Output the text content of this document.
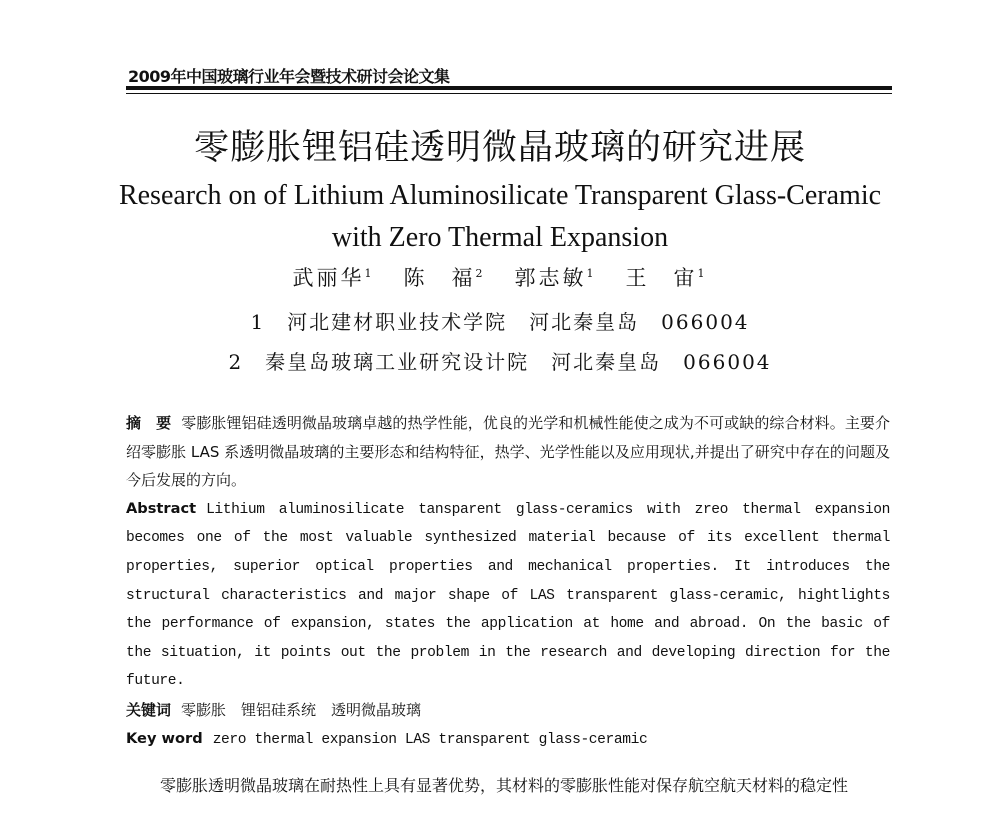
2009年中国玻璃行业年会暨技术研讨会论文集
零膨胀锂铝硅透明微晶玻璃的研究进展
Research on of Lithium Aluminosilicate Transparent Glass-Ceramic
with Zero Thermal Expansion
武丽华$^1$ 陈　福$^2$ 郭志敏$^1$ 王　宙$^1$
1　河北建材职业技术学院　河北秦皇岛　066004
2　秦皇岛玻璃工业研究设计院　河北秦皇岛　066004

摘　要 零膨胀锂铝硅透明微晶玻璃卓越的热学性能，优良的光学和机械性能使之成为不可或缺的综合材料。主要介绍零膨胀 LAS 系透明微晶玻璃的主要形态和结构特征，热学、光学性能以及应用现状,并提出了研究中存在的问题及今后发展的方向。

Abstract Lithium aluminosilicate tansparent glass-ceramics with zreo thermal expansion becomes one of the most valuable synthesized material because of its excellent thermal properties, superior optical properties and mechanical properties. It introduces the structural characteristics and major shape of LAS transparent glass-ceramic, hightlights the performance of expansion, states the application at home and abroad. On the basic of the situation, it points out the problem in the research and developing direction for the future.

关键词 零膨胀　锂铝硅系统　透明微晶玻璃

Key word zero thermal expansion LAS transparent glass-ceramic

零膨胀透明微晶玻璃在耐热性上具有显著优势，其材料的零膨胀性能对保存航空航天材料的稳定性
